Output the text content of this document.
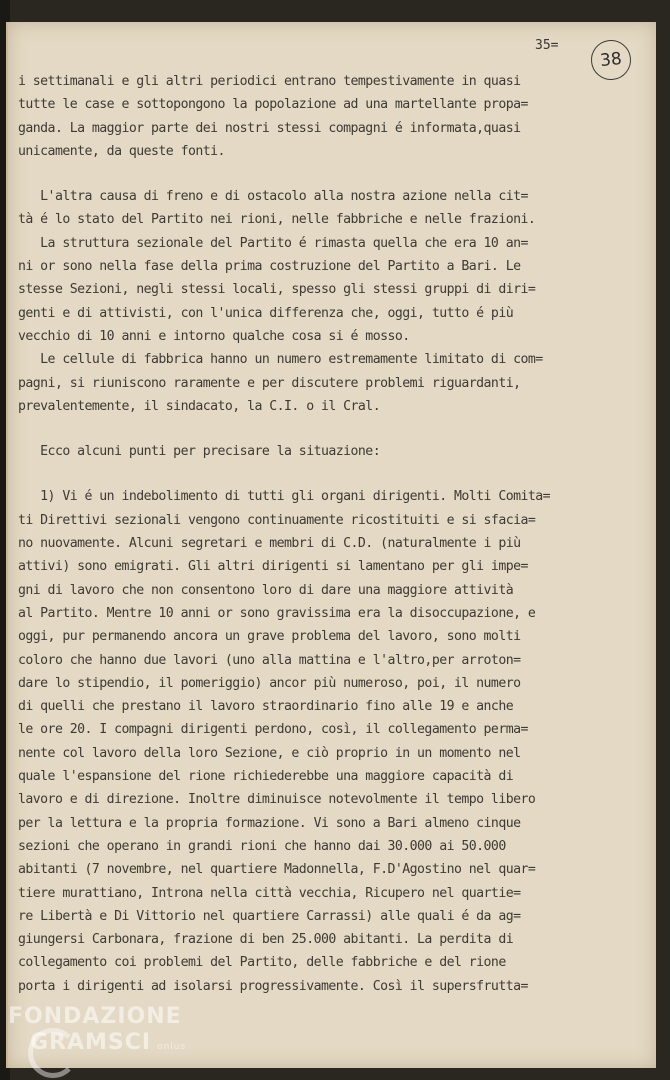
35=
38
i settimanali e gli altri periodici entrano tempestivamente in quasi
tutte le case e sottopongono la popolazione ad una martellante propa=
ganda. La maggior parte dei nostri stessi compagni é informata,quasi
unicamente, da queste fonti.
L'altra causa di freno e di ostacolo alla nostra azione nella cit=
tà é lo stato del Partito nei rioni, nelle fabbriche e nelle frazioni.
La struttura sezionale del Partito é rimasta quella che era 10 an=
ni or sono nella fase della prima costruzione del Partito a Bari. Le
stesse Sezioni, negli stessi locali, spesso gli stessi gruppi di diri=
genti e di attivisti, con l'unica differenza che, oggi, tutto é più
vecchio di 10 anni e intorno qualche cosa si é mosso.
Le cellule di fabbrica hanno un numero estremamente limitato di com=
pagni, si riuniscono raramente e per discutere problemi riguardanti,
prevalentemente, il sindacato, la C.I. o il Cral.
Ecco alcuni punti per precisare la situazione:
1) Vi é un indebolimento di tutti gli organi dirigenti. Molti Comita=
ti Direttivi sezionali vengono continuamente ricostituiti e si sfacia=
no nuovamente. Alcuni segretari e membri di C.D. (naturalmente i più
attivi) sono emigrati. Gli altri dirigenti si lamentano per gli impe=
gni di lavoro che non consentono loro di dare una maggiore attività
al Partito. Mentre 10 anni or sono gravissima era la disoccupazione, e
oggi, pur permanendo ancora un grave problema del lavoro, sono molti
coloro che hanno due lavori (uno alla mattina e l'altro,per arroton=
dare lo stipendio, il pomeriggio) ancor più numeroso, poi, il numero
di quelli che prestano il lavoro straordinario fino alle 19 e anche
le ore 20. I compagni dirigenti perdono, così, il collegamento perma=
nente col lavoro della loro Sezione, e ciò proprio in un momento nel
quale l'espansione del rione richiederebbe una maggiore capacità di
lavoro e di direzione. Inoltre diminuisce notevolmente il tempo libero
per la lettura e la propria formazione. Vi sono a Bari almeno cinque
sezioni che operano in grandi rioni che hanno dai 30.000 ai 50.000
abitanti (7 novembre, nel quartiere Madonnella, F.D'Agostino nel quar=
tiere murattiano, Introna nella città vecchia, Ricupero nel quartie=
re Libertà e Di Vittorio nel quartiere Carrassi) alle quali é da ag=
giungersi Carbonara, frazione di ben 25.000 abitanti. La perdita di
collegamento coi problemi del Partito, delle fabbriche e del rione
porta i dirigenti ad isolarsi progressivamente. Così il supersfrutta=
FONDAZIONE
GRAMSCI onlus
